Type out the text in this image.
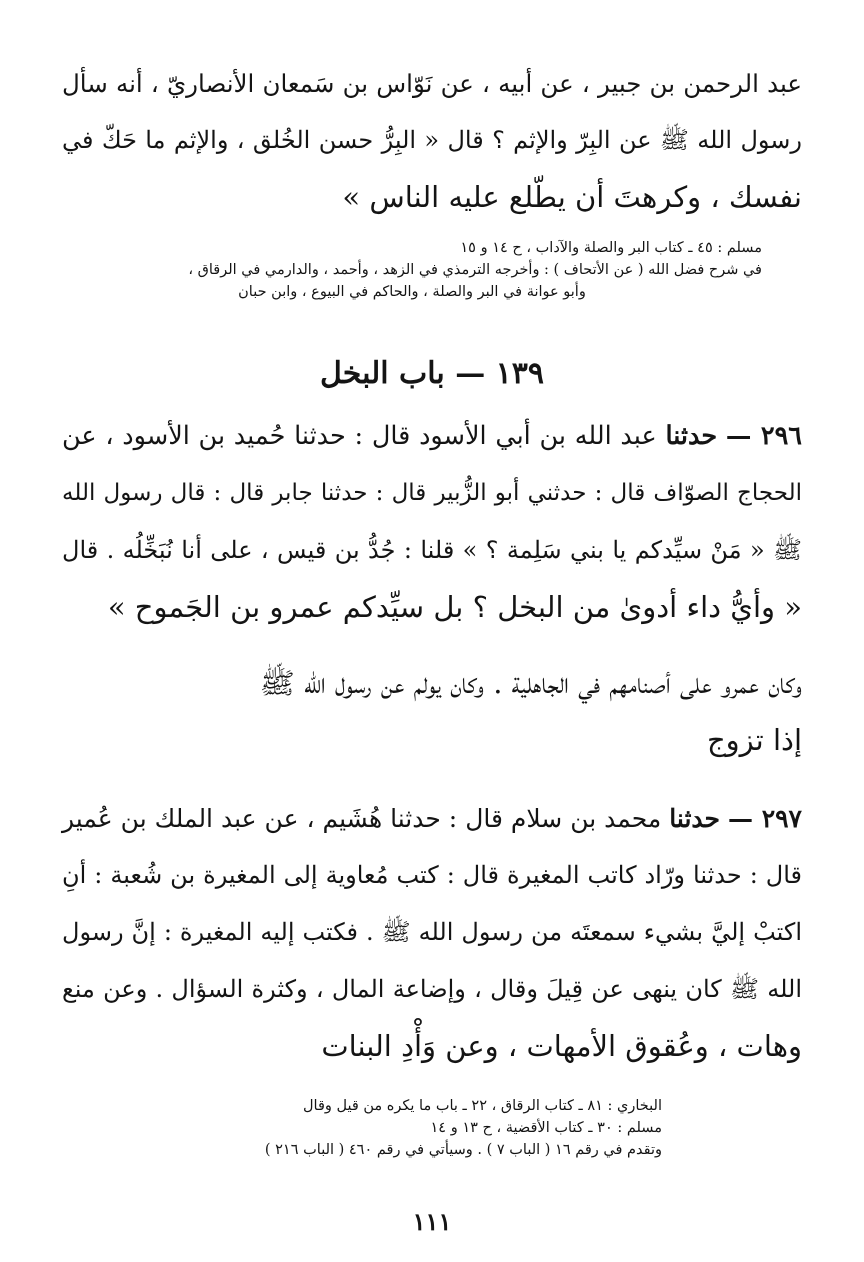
عبد الرحمن بن جبير ، عن أبيه ، عن نَوّاس بن سَمعان الأنصاريّ ، أنه سأل
رسول الله ﷺ عن البِرّ والإثم ؟ قال « البِرُّ حسن الخُلق ، والإثم ما حَكّ في
نفسك ، وكرهتَ أن يطّلع عليه الناس »
مسلم : ٤٥ ـ كتاب البر والصلة والآداب ، ح ١٤ و ١٥
في شرح فضل الله ( عن الأتحاف ) : وأخرجه الترمذي في الزهد ، وأحمد ، والدارمي في الرقاق ،
وأبو عوانة في البر والصلة ، والحاكم في البيوع ، وابن حبان
١٣٩ — باب البخل
٢٩٦ — حدثنا عبد الله بن أبي الأسود قال : حدثنا حُميد بن الأسود ، عن
الحجاج الصوّاف قال : حدثني أبو الزُّبير قال : حدثنا جابر قال : قال رسول الله
ﷺ « مَنْ سيِّدكم يا بني سَلِمة ؟ » قلنا : جُدُّ بن قيس ، على أنا نُبَخِّلُه . قال
« وأيُّ داء أدوىٰ من البخل ؟ بل سيِّدكم عمرو بن الجَموح »
وكان عمرو على أصنامهم في الجاهلية . وكان يولم عن رسول الله ﷺ
إذا تزوج
٢٩٧ — حدثنا محمد بن سلام قال : حدثنا هُشَيم ، عن عبد الملك بن عُمير
قال : حدثنا ورّاد كاتب المغيرة قال : كتب مُعاوية إلى المغيرة بن شُعبة : أنِ
اكتبْ إليَّ بشيء سمعتَه من رسول الله ﷺ . فكتب إليه المغيرة : إنَّ رسول
الله ﷺ كان ينهى عن قِيلَ وقال ، وإضاعة المال ، وكثرة السؤال . وعن منع
وهات ، وعُقوق الأمهات ، وعن وَأْدِ البنات
البخاري : ٨١ ـ كتاب الرقاق ، ٢٢ ـ باب ما يكره من قيل وقال
مسلم : ٣٠ ـ كتاب الأقضية ، ح ١٣ و ١٤
وتقدم في رقم ١٦ ( الباب ٧ ) . وسيأتي في رقم ٤٦٠ ( الباب ٢١٦ )
١١١
